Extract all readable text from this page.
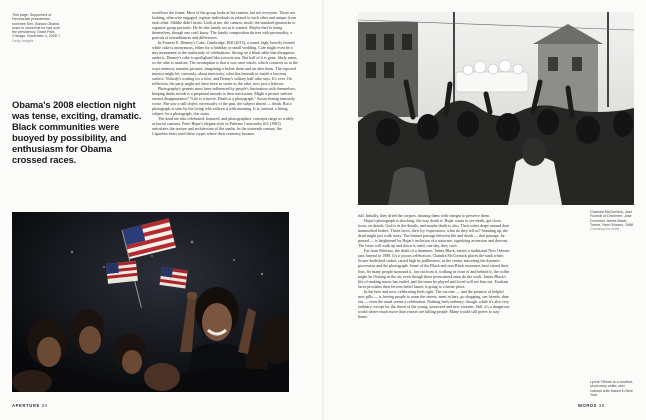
This page: Supporters of Democratic presidential nominee Sen. Barack Obama react to news that he has won the presidency, Grant Park, Chicago, November 4, 2008 © Getty Images
Obama's 2008 election night was tense, exciting, dramatic. Black communities were buoyed by possibility, and enthusiasm for Obama crossed races.

overflows the frame. Most of the group looks at his camera, but not everyone. Those not looking, otherwise engaged, register individuals as related to each other and unique from each other. Siblike didn't insist. Look at me, the camera, smile, the standard gimmicks to organize group portraits. He let this family act as it wanted. Maybe they're being themselves, though one can't know. The family composition thrives with personality, a portrait of resemblances and differences.

In Frances E. Denney's Cake, Cambridge, Hill (2013), a round, high, heavily frosted white cake is anonymous, either for a birthday or small wedding. Cafe might even be a tiny monument to the uniformity of celebrations. Sitting on a black table that disappears under it, Denney's cake is spotlighted like a movie star. But half of it is gone, likely eaten, so the cake is unalone. The assumption is that it was once whole, which connects us to the ways memory narrates pictures, imagining a before them and an after them. The exposed interior might be, curiously, about interiority, what lies beneath or inside a luscious surface. Nobody's waiting for a slice, and Denny's solitary half cake says, It's over. On reflection, the party might not have been as sweet as the cake, now just a leftover.

Photography's genesis must have influenced by people's fascination with themselves; keeping death avoids is a perpetual inroads to their narcissism. Might a picture subvert eternal disappearance? "Life is a movie. Death is a photograph," Susan Sontag famously wrote. She saw a still object, necessarily of the past, the subject absent — death. But a photograph is seen by the living who enliven it with meaning. It is, instead, a fitting subject for a photograph, this stasis.

The dead are also celebrated, honored, and photographers' concepts range as widely as burial customs. Peter Hujar's elegant style in Palermo Catacombs #11 (1963) articulates the texture and architecture of the tombs. In the sixteenth century, the Capuchin friars used these crypts where their cemetery became

APERTURE 34

full. Initially, they dried the corpses, dousing them with vinegar to preserve them.

Hujar's photograph is shocking, the way death is. Hujar wants to see death, get close, focus on details. God is in the details, and maybe death is also. Their robes drape around their mummified bodies. Those faces, their icy expressions, what do they tell us? Standing up, the dead might just walk away. The liminal passage between life and death — that passage, be passed — is heightened by Hujar's inclusion of a staircase, signifying ascension and descent. The friars will walk up and down it, until, one day, they can't.

Far from Palermo, the death of a drummer, James Black, merits a traditional New Orleans jazz funeral in 1988. It's a joyous celebration. Chandra McCormick places the stark white, flower-bedecked casket, raised high by pallbearers, in the center, mirroring the dynamic procession and the photograph. Some of the Black and non-Black mourners have raised their fists. So many people surround it, fan out from it, walking in front of and behind it, the coffin might be floating in the air, even though three pronounced arms do the work. James Black's life of making music has ended, and the tunes he played and loved will see him out. Exultant faces proclaim their fervent belief James is going to a better place.

In the here and now, celebrating feels right. The vaccine — and the promise of helpful new pills — is freeing people to roam the streets, meet in bars, go shopping, see friends, dine out — even the usual seems a celebration. Nothing feels ordinary, though, while it's also very ordinary, except for the threat of the young, unvaxxed and new variants. Still, it's a dangerous world where much more than viruses are killing people. Many would still prefer to stay home.

Chandra McCormick, Jazz Funeral of Drummer, Jose Drummer James Black, Treme, New Orleans, 1988 Courtesy the artist
Lynne Tillman is a novelist, short-story writer, and cultural critic based in New York.
WORDS 35
